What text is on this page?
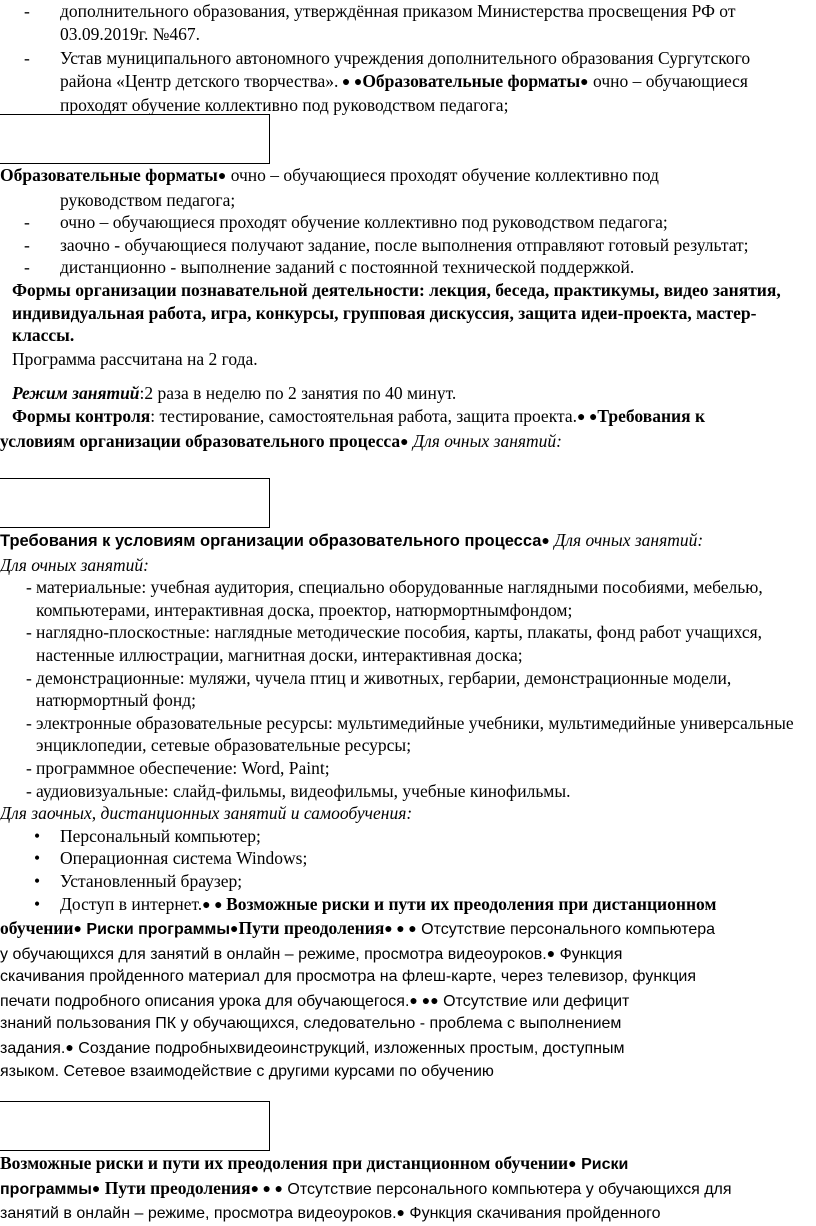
- дополнительного образования, утверждённая приказом Министерства просвещения РФ от

03.09.2019г. №467.

- Устав муниципального автономного учреждения дополнительного образования Сургутского

района «Центр детского творчества». ● ●Образовательные форматы● очно – обучающиеся

проходят обучение коллективно под руководством педагога;

Образовательные форматы● очно – обучающиеся проходят обучение коллективно под

руководством педагога;

- очно – обучающиеся проходят обучение коллективно под руководством педагога;

- заочно - обучающиеся получают задание, после выполнения отправляют готовый результат;

- дистанционно - выполнение заданий с постоянной технической поддержкой.

Формы организации познавательной деятельности: лекция, беседа, практикумы, видео занятия, индивидуальная работа, игра, конкурсы, групповая дискуссия, защита идеи-проекта, мастер-классы.

Программа рассчитана на 2 года.

Режим занятий:2 раза в неделю по 2 занятия по 40 минут.

Формы контроля: тестирование, самостоятельная работа, защита проекта.● ●Требования к

условиям организации образовательного процесса● Для очных занятий:

Требования к условиям организации образовательного процесса● Для очных занятий:

Для очных занятий:

- материальные: учебная аудитория, специально оборудованные наглядными пособиями, мебелью, компьютерами, интерактивная доска, проектор, натюрмортнымфондом;

- наглядно-плоскостные: наглядные методические пособия, карты, плакаты, фонд работ учащихся, настенные иллюстрации, магнитная доски, интерактивная доска;

- демонстрационные: муляжи, чучела птиц и животных, гербарии, демонстрационные модели, натюрмортный фонд;

- электронные образовательные ресурсы: мультимедийные учебники, мультимедийные универсальные энциклопедии, сетевые образовательные ресурсы;

- программное обеспечение: Word, Paint;

- аудиовизуальные: слайд-фильмы, видеофильмы, учебные кинофильмы.

Для заочных, дистанционных занятий и самообучения:

• Персональный компьютер;

• Операционная система Windows;

• Установленный браузер;

• Доступ в интернет.● ● Возможные риски и пути их преодоления при дистанционном

обучении● Риски программы●Пути преодоления● ● ● Отсутствие персонального компьютера

у обучающихся для занятий в онлайн – режиме, просмотра видеоуроков.● Функция

скачивания пройденного материал для просмотра на флеш-карте, через телевизор, функция

печати подробного описания урока для обучающегося.● ●● Отсутствие или дефицит

знаний пользования ПК у обучающихся, следовательно - проблема с выполнением

задания.● Создание подробныхвидеоинструкций, изложенных простым, доступным

языком. Сетевое взаимодействие с другими курсами по обучению

Возможные риски и пути их преодоления при дистанционном обучении● Риски

программы● Пути преодоления● ● ● Отсутствие персонального компьютера у обучающихся для

занятий в онлайн – режиме, просмотра видеоуроков.● Функция скачивания пройденного
